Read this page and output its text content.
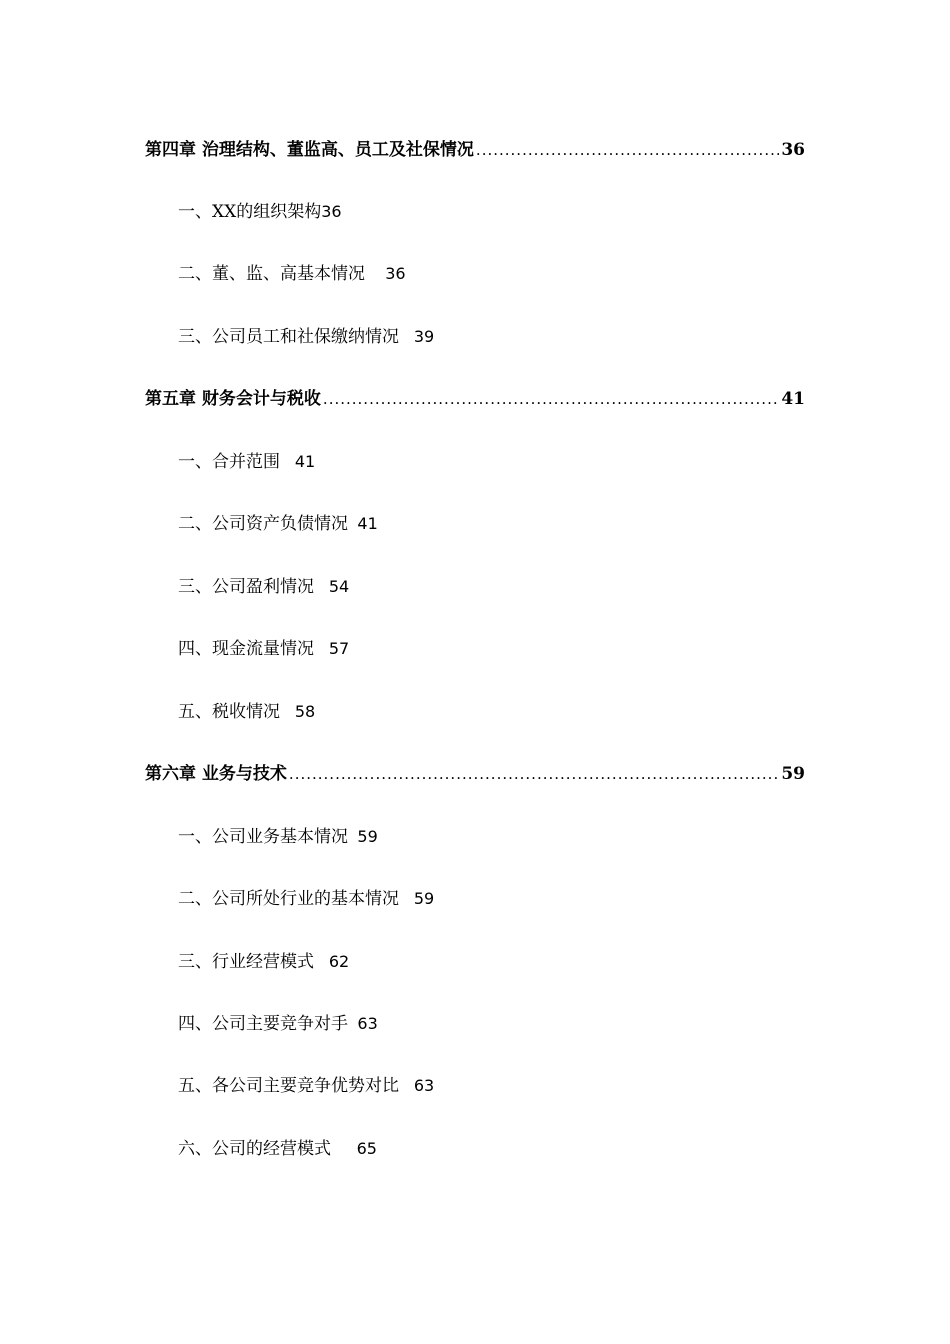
第四章 治理结构、董监高、员工及社保情况 .....	36
一、XX的组织架构36
二、董、监、高基本情况 36
三、公司员工和社保缴纳情况 39
第五章 财务会计与税收 .....	41
一、合并范围 41
二、公司资产负债情况 41
三、公司盈利情况 54
四、现金流量情况 57
五、税收情况 58
第六章 业务与技术 .....	59
一、公司业务基本情况 59
二、公司所处行业的基本情况 59
三、行业经营模式 62
四、公司主要竞争对手 63
五、各公司主要竞争优势对比 63
六、公司的经营模式 65
